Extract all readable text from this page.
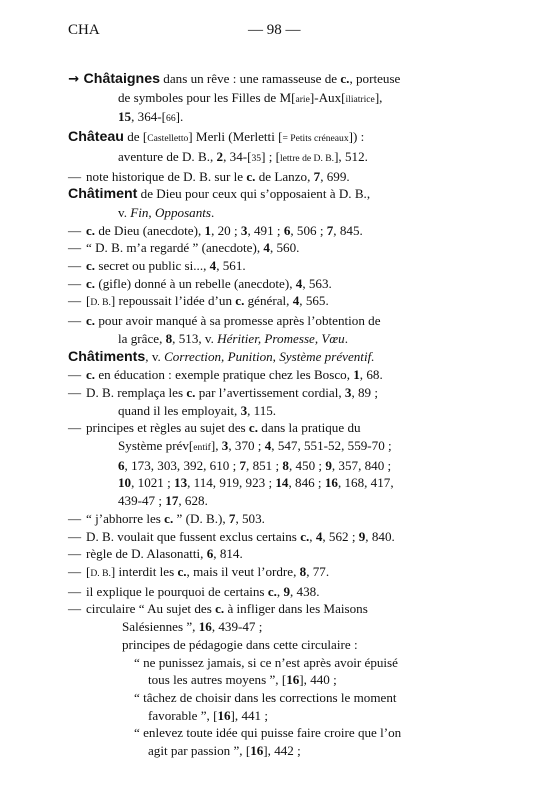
CHA	— 98 —
→ Châtaignes dans un rêve : une ramasseuse de c., porteuse
de symboles pour les Filles de M[arie]-Aux[iliatrice],
15, 364-[66].
Château de [Castelletto] Merli (Merletti [= Petits créneaux]) :
aventure de D. B., 2, 34-[35] ; [lettre de D. B.], 512.
— note historique de D. B. sur le c. de Lanzo, 7, 699.
Châtiment de Dieu pour ceux qui s’opposaient à D. B.,
v. Fin, Opposants.
— c. de Dieu (anecdote), 1, 20 ; 3, 491 ; 6, 506 ; 7, 845.
— “ D. B. m’a regardé ” (anecdote), 4, 560.
— c. secret ou public si..., 4, 561.
— c. (gifle) donné à un rebelle (anecdote), 4, 563.
— [D. B.] repoussait l’idée d’un c. général, 4, 565.
— c. pour avoir manqué à sa promesse après l’obtention de
la grâce, 8, 513, v. Héritier, Promesse, Vœu.
Châtiments, v. Correction, Punition, Système préventif.
— c. en éducation : exemple pratique chez les Bosco, 1, 68.
— D. B. remplaça les c. par l’avertissement cordial, 3, 89 ;
quand il les employait, 3, 115.
— principes et règles au sujet des c. dans la pratique du
Système prév[entif], 3, 370 ; 4, 547, 551-52, 559-70 ;
6, 173, 303, 392, 610 ; 7, 851 ; 8, 450 ; 9, 357, 840 ;
10, 1021 ; 13, 114, 919, 923 ; 14, 846 ; 16, 168, 417,
439-47 ; 17, 628.
— “ j’abhorre les c. ” (D. B.), 7, 503.
— D. B. voulait que fussent exclus certains c., 4, 562 ; 9, 840.
— règle de D. Alasonatti, 6, 814.
— [D. B.] interdit les c., mais il veut l’ordre, 8, 77.
— il explique le pourquoi de certains c., 9, 438.
— circulaire “ Au sujet des c. à infliger dans les Maisons
Salésiennes ”, 16, 439-47 ;
principes de pédagogie dans cette circulaire :
“ ne punissez jamais, si ce n’est après avoir épuisé
tous les autres moyens ”, [16], 440 ;
“ tâchez de choisir dans les corrections le moment
favorable ”, [16], 441 ;
“ enlevez toute idée qui puisse faire croire que l’on
agit par passion ”, [16], 442 ;
